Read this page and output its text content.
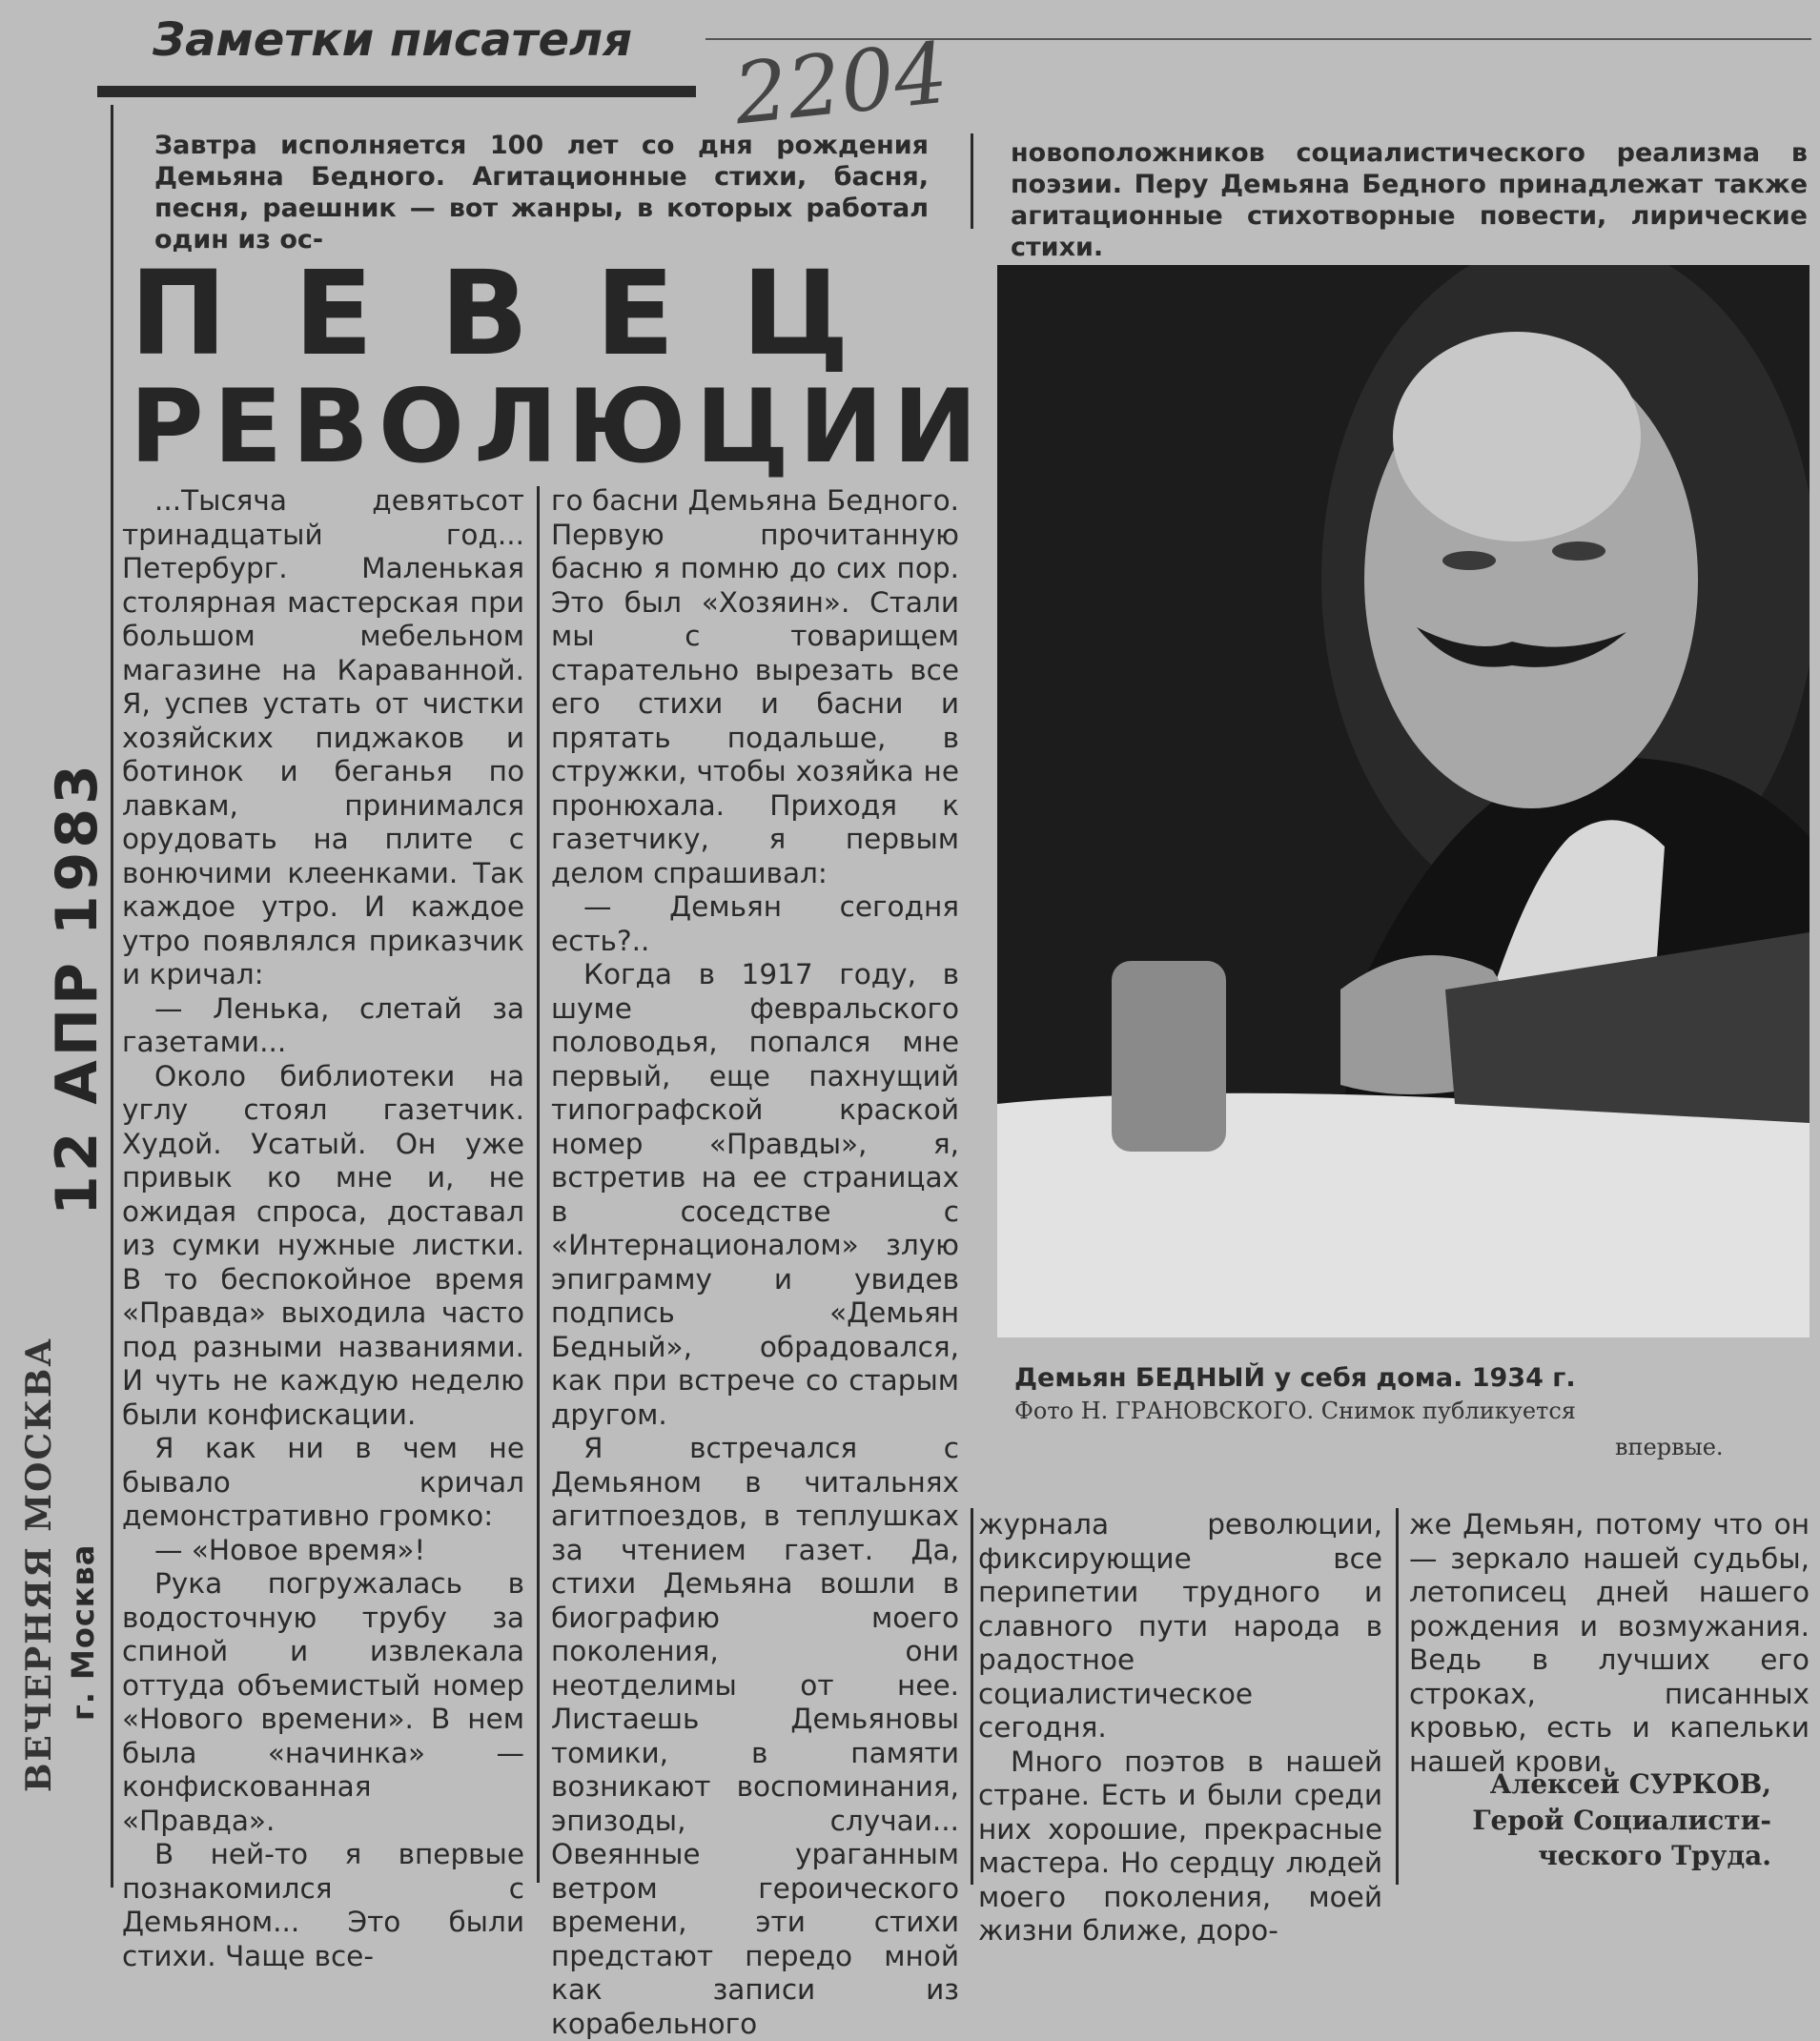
Заметки писателя 2204
Завтра исполняется 100 лет со дня рождения Демьяна Бедного. Агитационные стихи, басня, песня, раешник — вот жанры, в которых работал один из ос-
новоположников социалистического реализма в поэзии. Перу Демьяна Бедного принадлежат также агитационные стихотворные повести, лирические стихи.
ПЕВЕЦ
РЕВОЛЮЦИИ
12 АПР 1983
ВЕЧЕРНЯЯ МОСКВА г. Москва

...Тысяча девятьсот тринадцатый год... Петербург. Маленькая столярная мастерская при большом мебельном магазине на Караванной. Я, успев устать от чистки хозяйских пиджаков и ботинок и беганья по лавкам, принимался орудовать на плите с вонючими клеенками. Так каждое утро. И каждое утро появлялся приказчик и кричал:

— Ленька, слетай за газетами...

Около библиотеки на углу стоял газетчик. Худой. Усатый. Он уже привык ко мне и, не ожидая спроса, доставал из сумки нужные листки. В то беспокойное время «Правда» выходила часто под разными названиями. И чуть не каждую неделю были конфискации.

Я как ни в чем не бывало кричал демонстративно громко:

— «Новое время»!

Рука погружалась в водосточную трубу за спиной и извлекала оттуда объемистый номер «Нового времени». В нем была «начинка» — конфискованная «Правда».

В ней-то я впервые познакомился с Демьяном... Это были стихи. Чаще все-

го басни Демьяна Бедного. Первую прочитанную басню я помню до сих пор. Это был «Хозяин». Стали мы с товарищем старательно вырезать все его стихи и басни и прятать подальше, в стружки, чтобы хозяйка не пронюхала. Приходя к газетчику, я первым делом спрашивал:

— Демьян сегодня есть?..

Когда в 1917 году, в шуме февральского половодья, попался мне первый, еще пахнущий типографской краской номер «Правды», я, встретив на ее страницах в соседстве с «Интернационалом» злую эпиграмму и увидев подпись «Демьян Бедный», обрадовался, как при встрече со старым другом.

Я встречался с Демьяном в читальнях агитпоездов, в теплушках за чтением газет. Да, стихи Демьяна вошли в биографию моего поколения, они неотделимы от нее. Листаешь Демьяновы томики, в памяти возникают воспоминания, эпизоды, случаи... Овеянные ураганным ветром героического времени, эти стихи предстают передо мной как записи из корабельного

Демьян БЕДНЫЙ у себя дома. 1934 г.
Фото Н. ГРАНОВСКОГО. Снимок публикуется
впервые.

журнала революции, фиксирующие все перипетии трудного и славного пути народа в радостное социалистическое сегодня.

Много поэтов в нашей стране. Есть и были среди них хорошие, прекрасные мастера. Но сердцу людей моего поколения, моей жизни ближе, доро-

же Демьян, потому что он — зеркало нашей судьбы, летописец дней нашего рождения и возмужания. Ведь в лучших его строках, писанных кровью, есть и капельки нашей крови.

Алексей СУРКОВ,
Герой Социалисти-
ческого Труда.
